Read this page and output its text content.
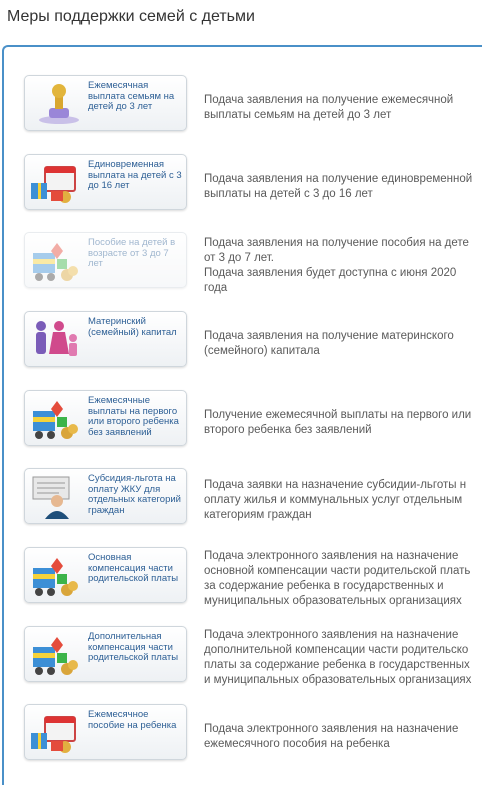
Меры поддержки семей с детьми
Ежемесячная выплата семьям на детей до 3 лет
Подача заявления на получение ежемесячной
выплаты семьям на детей до 3 лет
Единовременная выплата на детей с 3 до 16 лет
Подача заявления на получение единовременной
выплаты на детей с 3 до 16 лет
Пособие на детей в возрасте от 3 до 7 лет
Подача заявления на получение пособия на дете
от 3 до 7 лет.
Подача заявления будет доступна с июня 2020
года
Материнский (семейный) капитал	Подача заявления на получение материнского
(семейного) капитала
Ежемесячные выплаты на первого или второго ребенка без заявлений
Получение ежемесячной выплаты на первого или
второго ребенка без заявлений
Субсидия-льгота на оплату ЖКУ для отдельных категорий граждан
Подача заявки на назначение субсидии-льготы н
оплату жилья и коммунальных услуг отдельным
категориям граждан
Основная компенсация части родительской платы
Подача электронного заявления на назначение
основной компенсации части родительской плать
за содержание ребенка в государственных и
муниципальных образовательных организациях
Дополнительная компенсация части родительской платы
Подача электронного заявления на назначение
дополнительной компенсации части родительско
платы за содержание ребенка в государственных
и муниципальных образовательных организациях
Ежемесячное пособие на ребенка	Подача электронного заявления на назначение
ежемесячного пособия на ребенка
